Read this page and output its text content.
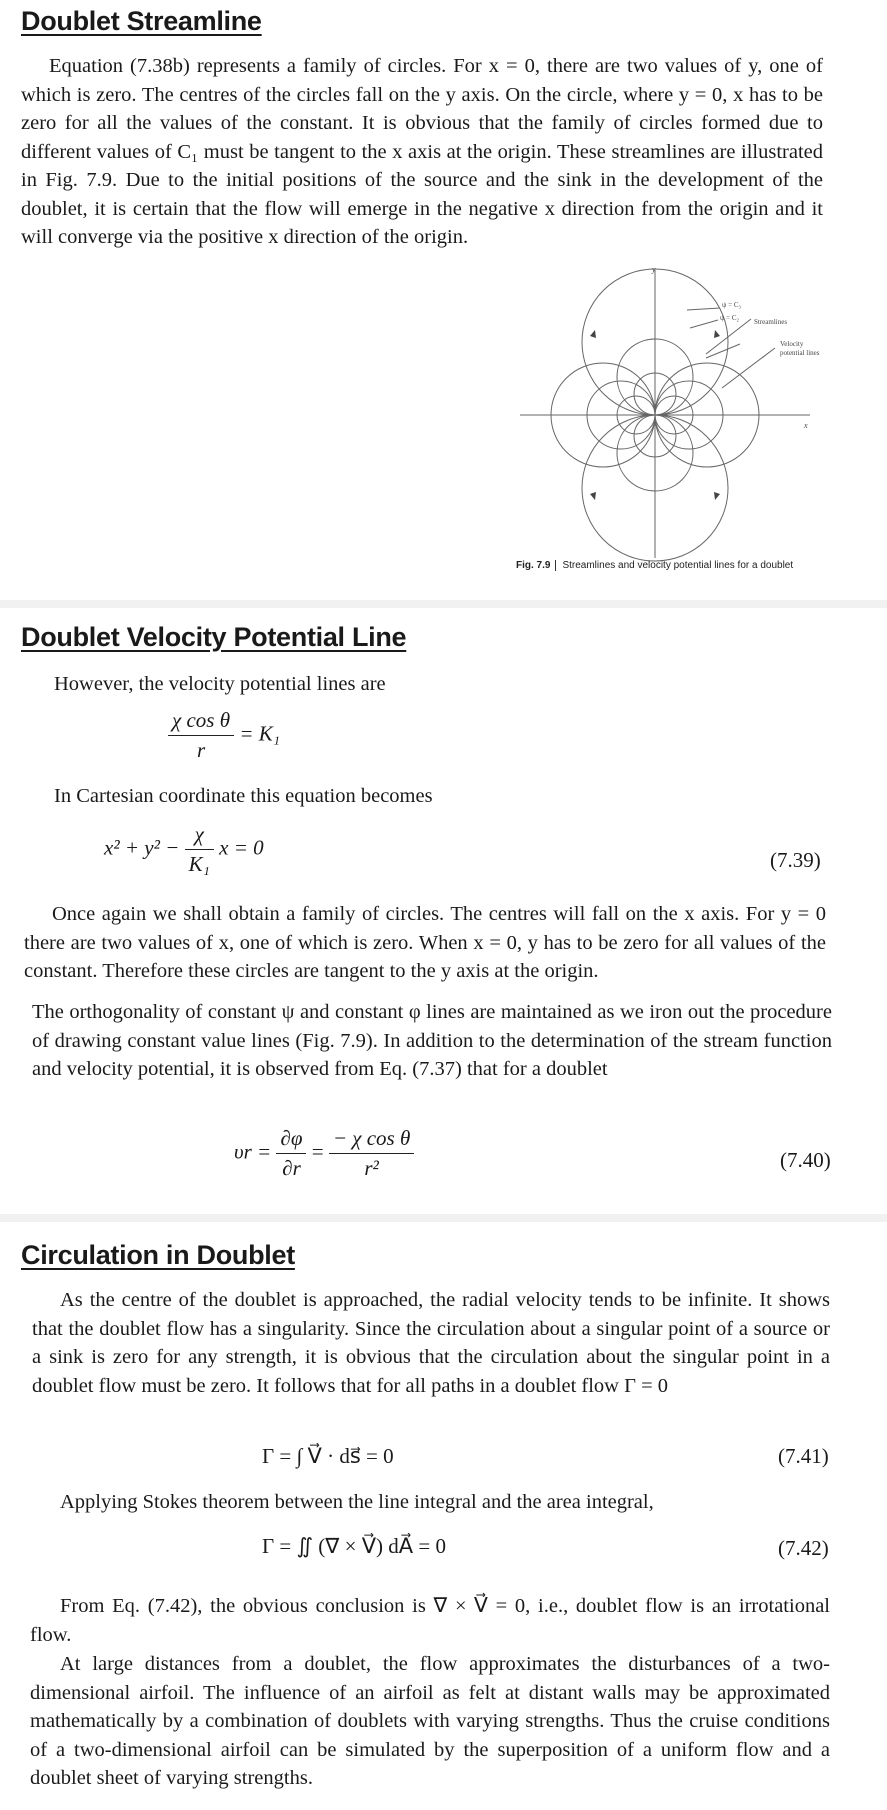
Doublet Streamline

Equation (7.38b) represents a family of circles. For x = 0, there are two values of y, one of which is zero. The centres of the circles fall on the y axis. On the circle, where y = 0, x has to be zero for all the values of the constant. It is obvious that the family of circles formed due to different values of C₁ must be tangent to the x axis at the origin. These streamlines are illustrated in Fig. 7.9. Due to the initial positions of the source and the sink in the development of the doublet, it is certain that the flow will emerge in the negative x direction from the origin and it will converge via the positive x direction of the origin.

y
x
ψ = C₃
ψ = C₂ Streamlines
Velocity
potential lines
Fig. 7.9 Streamlines and velocity potential lines for a doublet
Doublet Velocity Potential Line

However, the velocity potential lines are

$\frac{\text{χ cos θ}}{r} = K_1$

In Cartesian coordinate this equation becomes

$x^2 + y^2 - \frac{\chi}{\text{K₁}}$ x = 0
(7.39)

Once again we shall obtain a family of circles. The centres will fall on the x axis. For y = 0 there are two values of x, one of which is zero. When x = 0, y has to be zero for all values of the constant. Therefore these circles are tangent to the y axis at the origin.

The orthogonality of constant ψ and constant φ lines are maintained as we iron out the procedure of drawing constant value lines (Fig. 7.9). In addition to the determination of the stream function and velocity potential, it is observed from Eq. (7.37) that for a doublet

$\upsilon r = \frac{\partial\varphi}{\partial r} = \frac{\text{− χ cos θ}}{\text{r²}}$	(7.40)
Circulation in Doublet

As the centre of the doublet is approached, the radial velocity tends to be infinite. It shows that the doublet flow has a singularity. Since the circulation about a singular point of a source or a sink is zero for any strength, it is obvious that the circulation about the singular point in a doublet flow must be zero. It follows that for all paths in a doublet flow Γ = 0

Γ = ∫ V⃗ · ds⃗ = 0	(7.41)

Applying Stokes theorem between the line integral and the area integral,

Γ = ∬ (∇ × V⃗) dA⃗ = 0	(7.42)

From Eq. (7.42), the obvious conclusion is ∇ × V⃗ = 0, i.e., doublet flow is an irrotational flow.

At large distances from a doublet, the flow approximates the disturbances of a two-dimensional airfoil. The influence of an airfoil as felt at distant walls may be approximated mathematically by a combination of doublets with varying strengths. Thus the cruise conditions of a two-dimensional airfoil can be simulated by the superposition of a uniform flow and a doublet sheet of varying strengths.
